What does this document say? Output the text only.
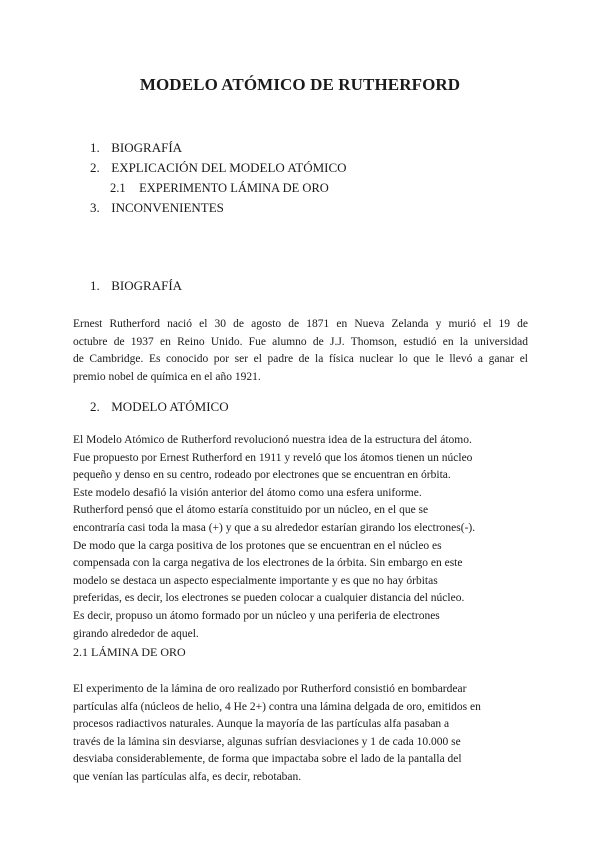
MODELO ATÓMICO DE RUTHERFORD
1. BIOGRAFÍA
2. EXPLICACIÓN DEL MODELO ATÓMICO
2.1 EXPERIMENTO LÁMINA DE ORO
3. INCONVENIENTES
1. BIOGRAFÍA
Ernest Rutherford nació el 30 de agosto de 1871 en Nueva Zelanda y murió el 19 de
octubre de 1937 en Reino Unido. Fue alumno de J.J. Thomson, estudió en la universidad
de Cambridge. Es conocido por ser el padre de la física nuclear lo que le llevó a ganar el
premio nobel de química en el año 1921.
2. MODELO ATÓMICO
El Modelo Atómico de Rutherford revolucionó nuestra idea de la estructura del átomo.
Fue propuesto por Ernest Rutherford en 1911 y reveló que los átomos tienen un núcleo
pequeño y denso en su centro, rodeado por electrones que se encuentran en órbita.
Este modelo desafió la visión anterior del átomo como una esfera uniforme.
Rutherford pensó que el átomo estaría constituido por un núcleo, en el que se
encontraría casi toda la masa (+) y que a su alrededor estarían girando los electrones(-).
De modo que la carga positiva de los protones que se encuentran en el núcleo es
compensada con la carga negativa de los electrones de la órbita. Sin embargo en este
modelo se destaca un aspecto especialmente importante y es que no hay órbitas
preferidas, es decir, los electrones se pueden colocar a cualquier distancia del núcleo.
Es decir, propuso un átomo formado por un núcleo y una periferia de electrones
girando alrededor de aquel.
2.1 LÁMINA DE ORO
El experimento de la lámina de oro realizado por Rutherford consistió en bombardear
partículas alfa (núcleos de helio, 4 He 2+) contra una lámina delgada de oro, emitidos en
procesos radiactivos naturales. Aunque la mayoría de las partículas alfa pasaban a
través de la lámina sin desviarse, algunas sufrían desviaciones y 1 de cada 10.000 se
desviaba considerablemente, de forma que impactaba sobre el lado de la pantalla del
que venían las partículas alfa, es decir, rebotaban.
